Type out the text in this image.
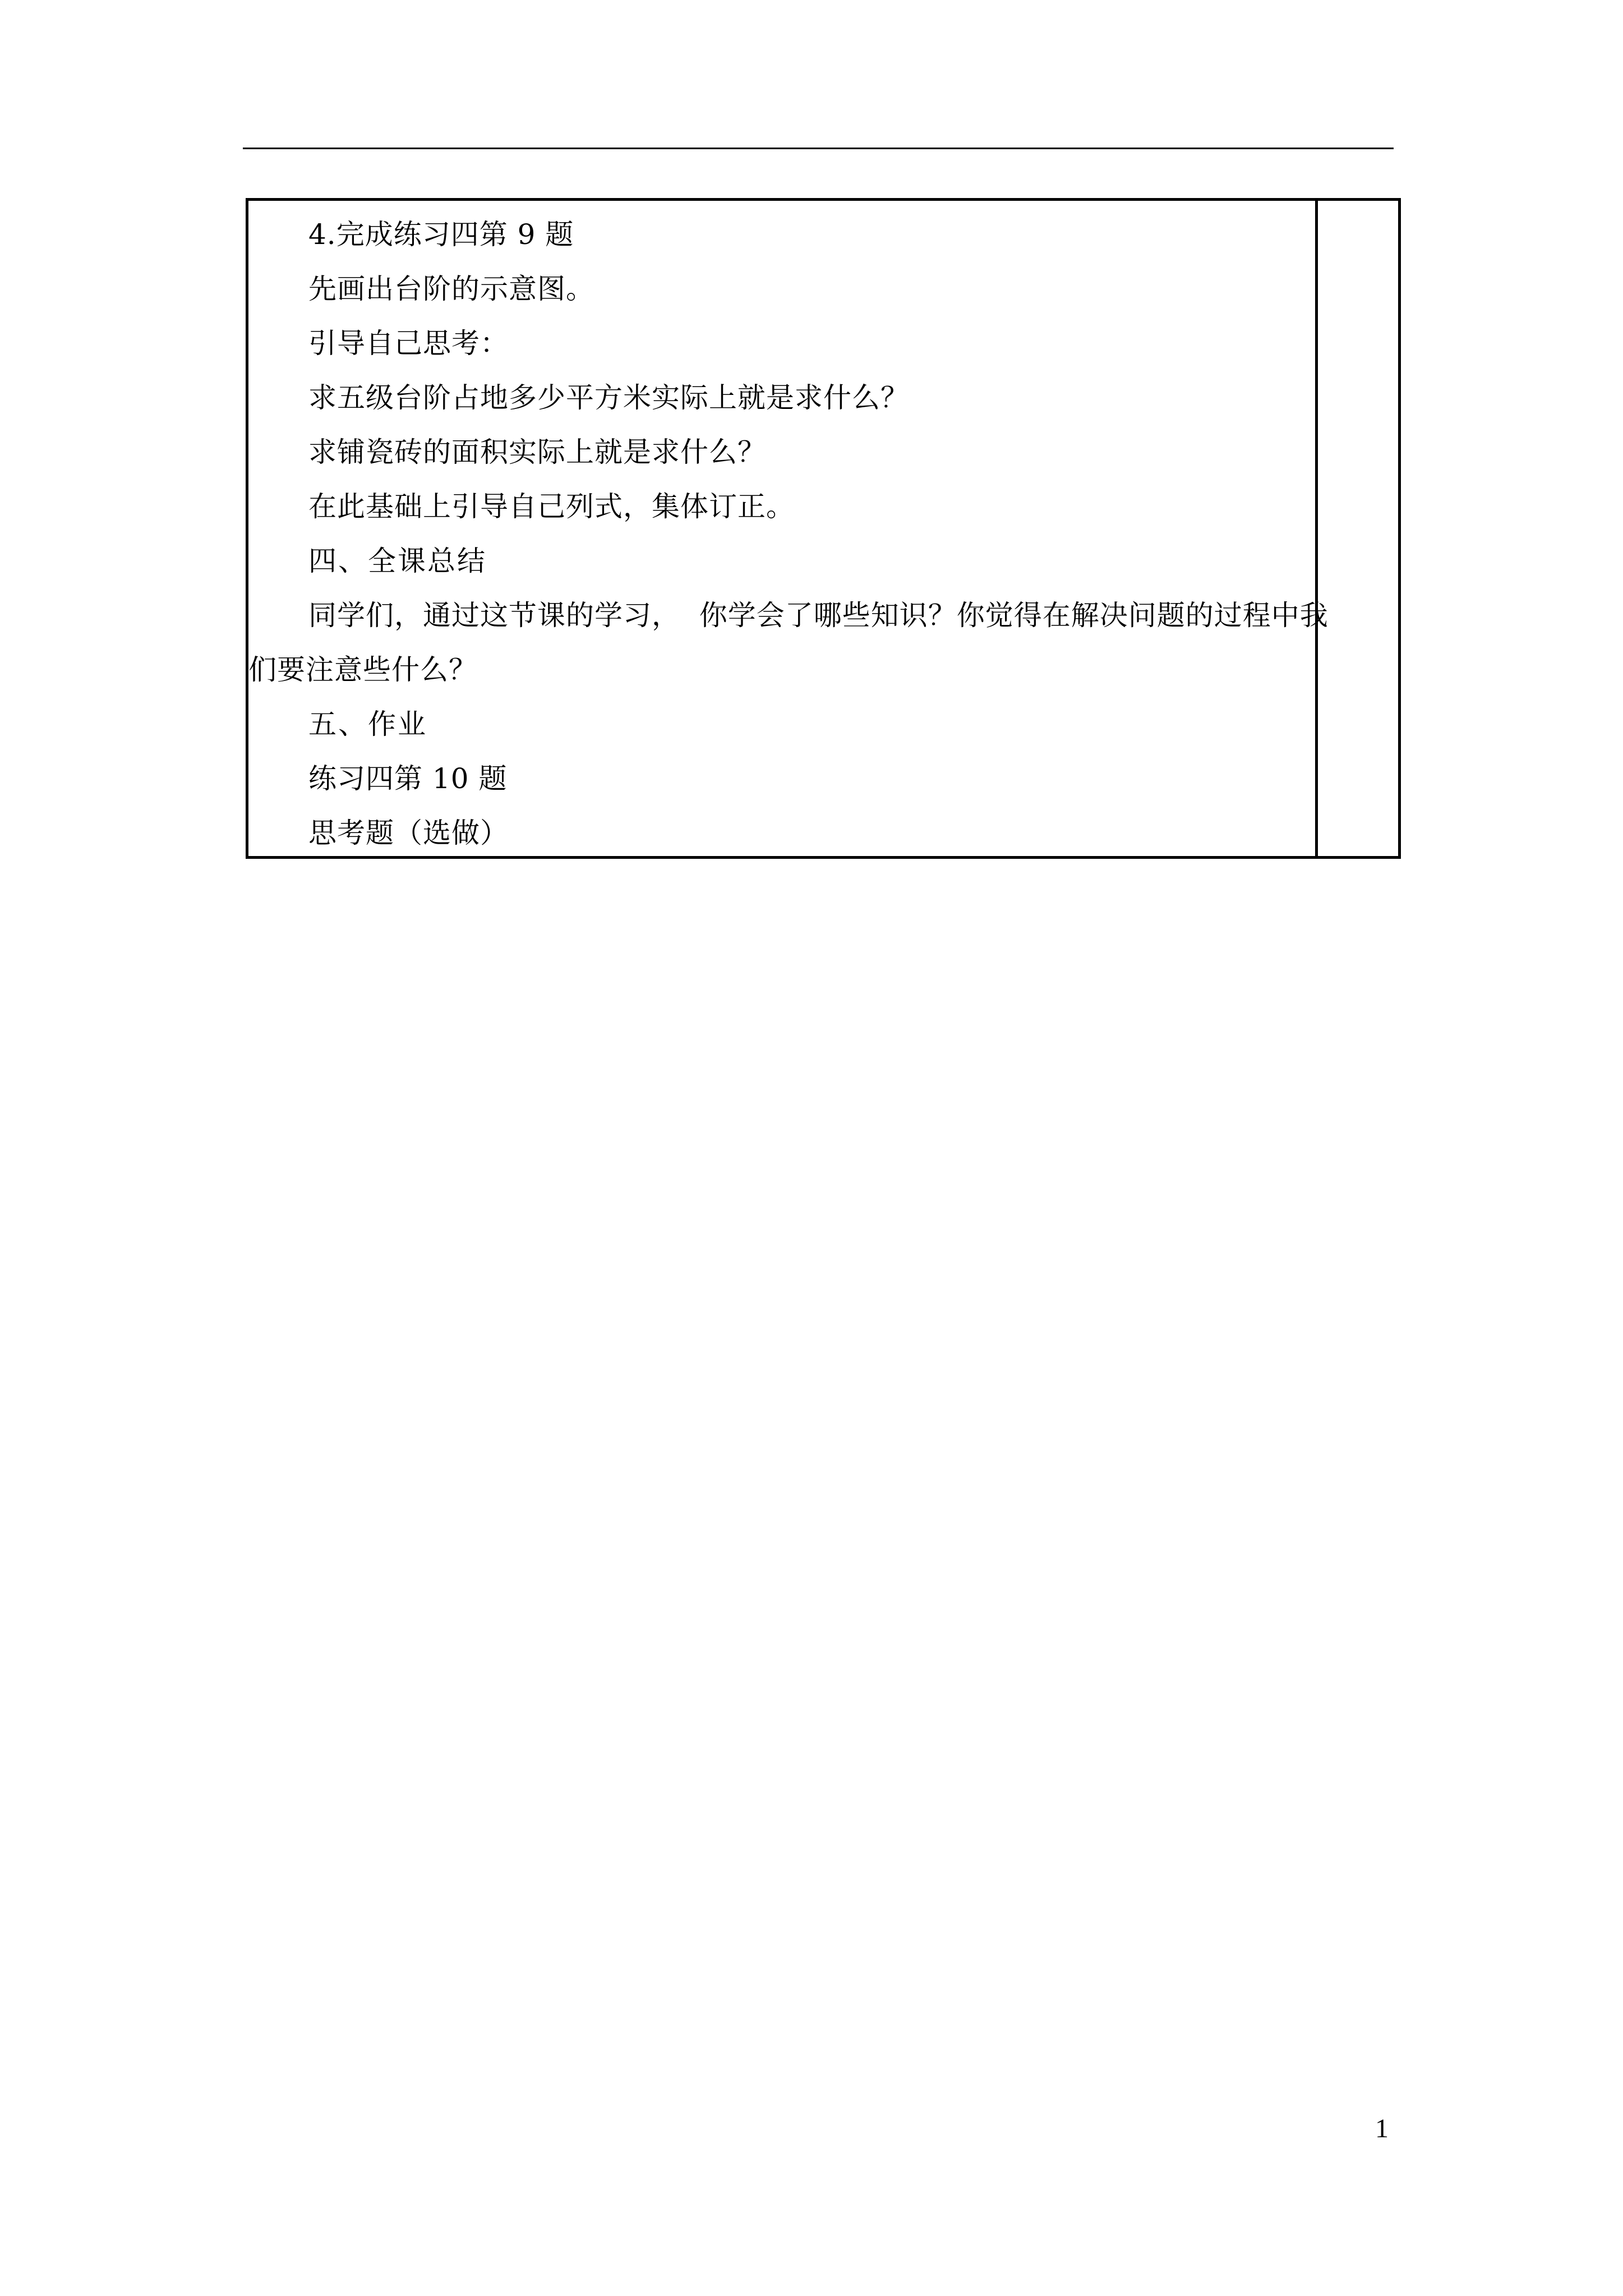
4.完成练习四第 9 题
先画出台阶的示意图。
引导自己思考：
求五级台阶占地多少平方米实际上就是求什么？
求铺瓷砖的面积实际上就是求什么？
在此基础上引导自己列式，集体订正。
四、全课总结
同学们，通过这节课的学习，  你学会了哪些知识？你觉得在解决问题的过程中我
们要注意些什么？
五、作业
练习四第 10 题
思考题（选做）
1
